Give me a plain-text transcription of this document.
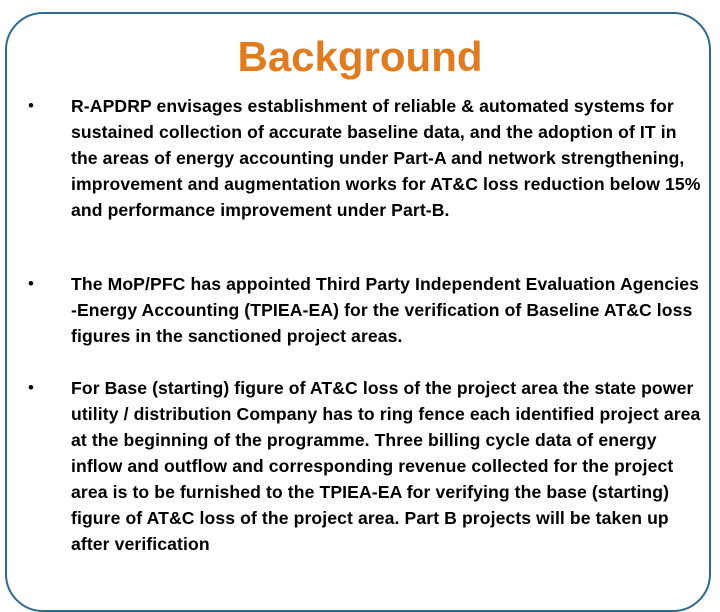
Background
• R-APDRP envisages establishment of reliable & automated systems for sustained collection of accurate baseline data, and the adoption of IT in the areas of energy accounting under Part-A and network strengthening, improvement and augmentation works for AT&C loss reduction below 15% and performance improvement under Part-B.

• The MoP/PFC has appointed Third Party Independent Evaluation Agencies -Energy Accounting (TPIEA-EA) for the verification of Baseline AT&C loss figures in the sanctioned project areas.

• For Base (starting) figure of AT&C loss of the project area the state power utility / distribution Company has to ring fence each identified project area at the beginning of the programme. Three billing cycle data of energy inflow and outflow and corresponding revenue collected for the project area is to be furnished to the TPIEA-EA for verifying the base (starting) figure of AT&C loss of the project area. Part B projects will be taken up after verification
